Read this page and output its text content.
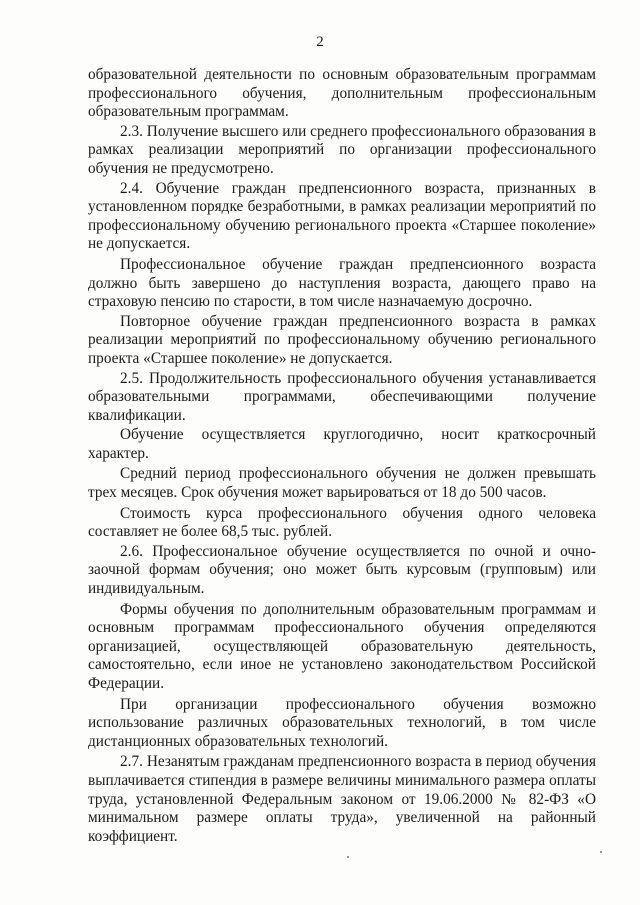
2

образовательной деятельности по основным образовательным программам профессионального обучения, дополнительным профессиональным образовательным программам.

2.3. Получение высшего или среднего профессионального образования в рамках реализации мероприятий по организации профессионального обучения не предусмотрено.

2.4. Обучение граждан предпенсионного возраста, признанных в установленном порядке безработными, в рамках реализации мероприятий по профессиональному обучению регионального проекта «Старшее поколение» не допускается.

Профессиональное обучение граждан предпенсионного возраста должно быть завершено до наступления возраста, дающего право на страховую пенсию по старости, в том числе назначаемую досрочно.

Повторное обучение граждан предпенсионного возраста в рамках реализации мероприятий по профессиональному обучению регионального проекта «Старшее поколение» не допускается.

2.5. Продолжительность профессионального обучения устанавливается образовательными программами, обеспечивающими получение квалификации.

Обучение осуществляется круглогодично, носит краткосрочный характер.

Средний период профессионального обучения не должен превышать трех месяцев. Срок обучения может варьироваться от 18 до 500 часов.

Стоимость курса профессионального обучения одного человека составляет не более 68,5 тыс. рублей.

2.6. Профессиональное обучение осуществляется по очной и очно-заочной формам обучения; оно может быть курсовым (групповым) или индивидуальным.

Формы обучения по дополнительным образовательным программам и основным программам профессионального обучения определяются организацией, осуществляющей образовательную деятельность, самостоятельно, если иное не установлено законодательством Российской Федерации.

При организации профессионального обучения возможно использование различных образовательных технологий, в том числе дистанционных образовательных технологий.

2.7. Незанятым гражданам предпенсионного возраста в период обучения выплачивается стипендия в размере величины минимального размера оплаты труда, установленной Федеральным законом от 19.06.2000 № 82-ФЗ «О минимальном размере оплаты труда», увеличенной на районный коэффициент.
